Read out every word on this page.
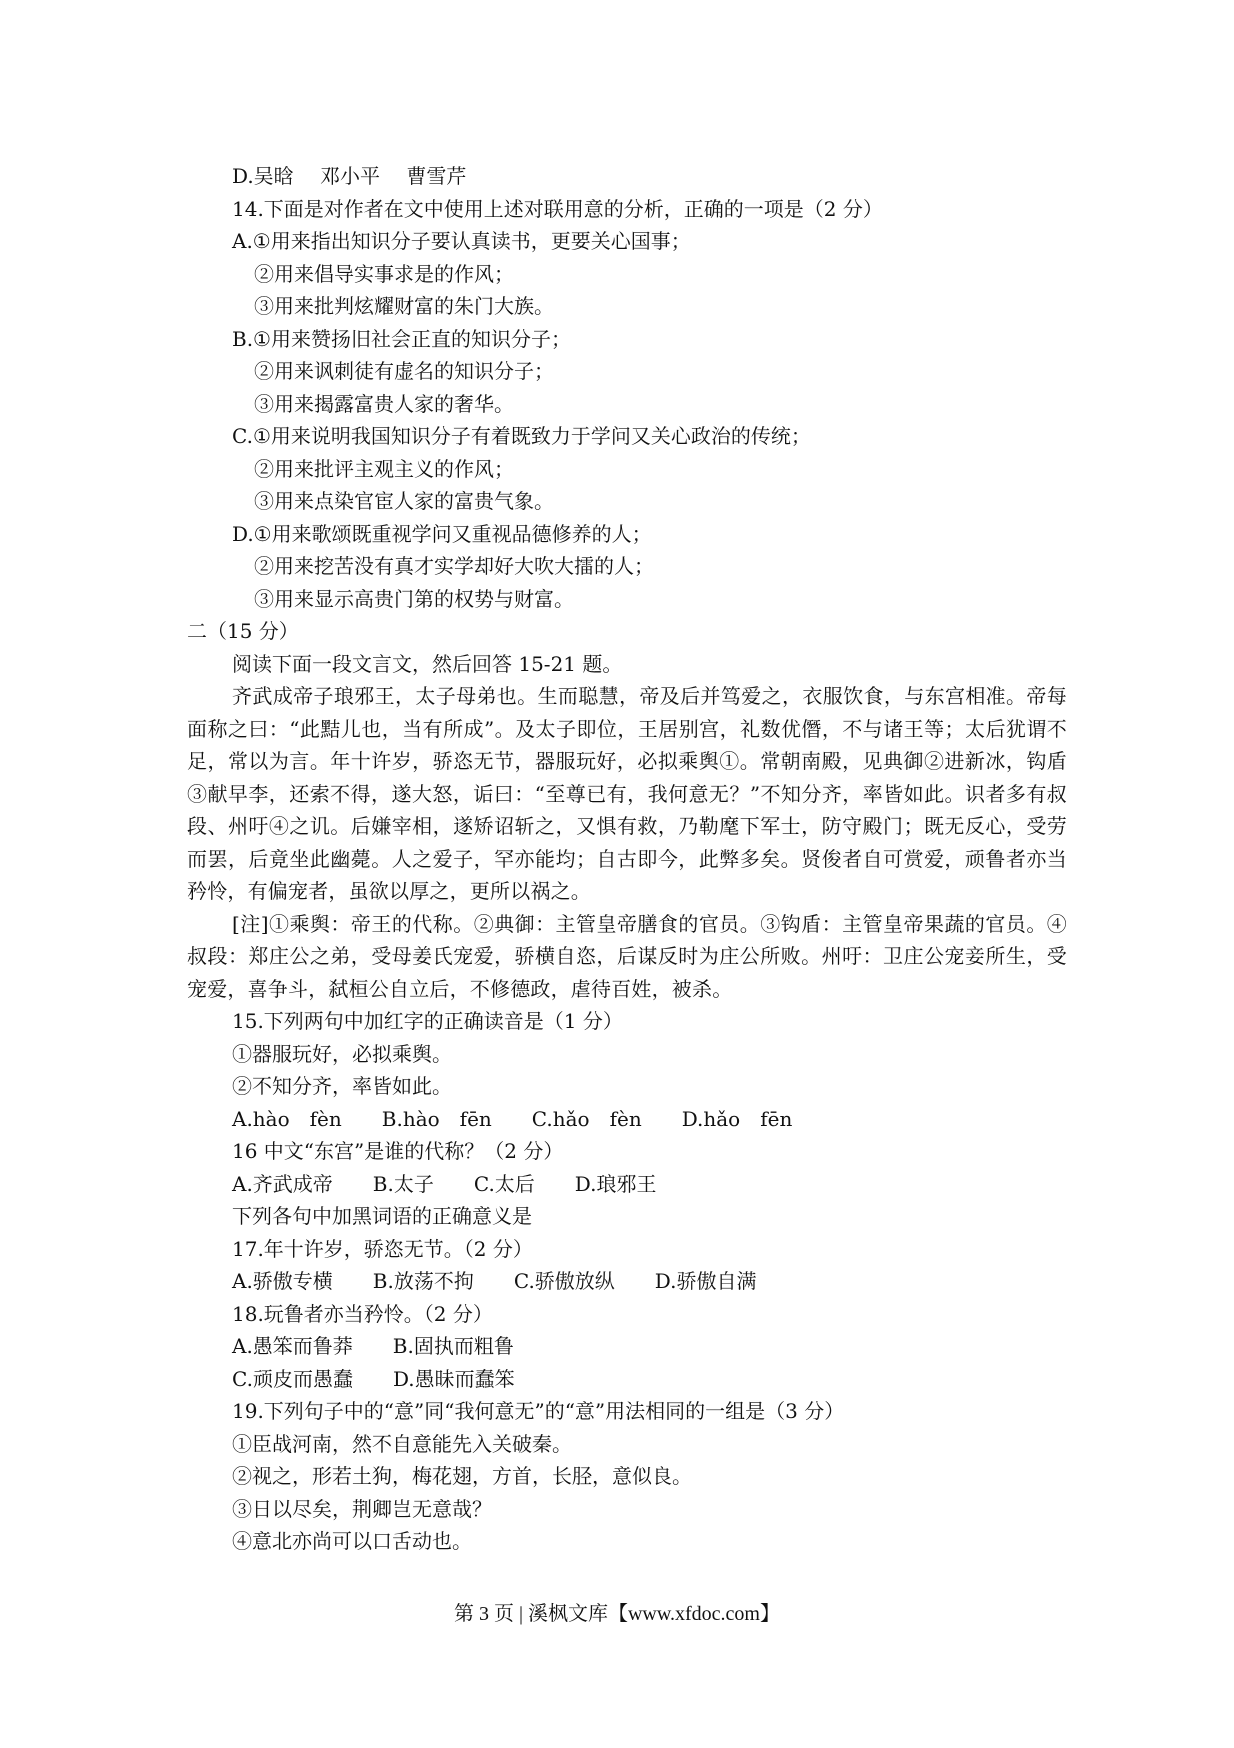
D.吴晗　 邓小平　 曹雪芹

14.下面是对作者在文中使用上述对联用意的分析，正确的一项是（2 分）

A.①用来指出知识分子要认真读书，更要关心国事；

②用来倡导实事求是的作风；

③用来批判炫耀财富的朱门大族。

B.①用来赞扬旧社会正直的知识分子；

②用来讽刺徒有虚名的知识分子；

③用来揭露富贵人家的奢华。

C.①用来说明我国知识分子有着既致力于学问又关心政治的传统；

②用来批评主观主义的作风；

③用来点染官宦人家的富贵气象。

D.①用来歌颂既重视学问又重视品德修养的人；

②用来挖苦没有真才实学却好大吹大擂的人；

③用来显示高贵门第的权势与财富。

二（15 分）

阅读下面一段文言文，然后回答 15-21 题。

齐武成帝子琅邪王，太子母弟也。生而聪慧，帝及后并笃爱之，衣服饮食，与东宫相准。帝每面称之曰：“此黠儿也，当有所成”。及太子即位，王居别宫，礼数优僭，不与诸王等；太后犹谓不足，常以为言。年十许岁，骄恣无节，器服玩好，必拟乘舆①。常朝南殿，见典御②进新冰，钩盾③献早李，还索不得，遂大怒，诟曰：“至尊已有，我何意无？”不知分齐，率皆如此。识者多有叔段、州吁④之讥。后嫌宰相，遂矫诏斩之，又惧有救，乃勒麾下军士，防守殿门；既无反心，受劳而罢，后竟坐此幽薨。人之爱子，罕亦能均；自古即今，此弊多矣。贤俊者自可赏爱，顽鲁者亦当矜怜，有偏宠者，虽欲以厚之，更所以祸之。

[注]①乘舆：帝王的代称。②典御：主管皇帝膳食的官员。③钩盾：主管皇帝果蔬的官员。④叔段：郑庄公之弟，受母姜氏宠爱，骄横自恣，后谋反时为庄公所败。州吁：卫庄公宠妾所生，受宠爱，喜争斗，弑桓公自立后，不修德政，虐待百姓，被杀。

15.下列两句中加红字的正确读音是（1 分）

①器服玩好，必拟乘舆。

②不知分齐，率皆如此。

A.hào　fèn　　B.hào　fēn　　C.hǎo　fèn　　D.hǎo　fēn

16 中文“东宫”是谁的代称？（2 分）

A.齐武成帝　　B.太子　　C.太后　　D.琅邪王

下列各句中加黑词语的正确意义是

17.年十许岁，骄恣无节。（2 分）

A.骄傲专横　　B.放荡不拘　　C.骄傲放纵　　D.骄傲自满

18.玩鲁者亦当矜怜。（2 分）

A.愚笨而鲁莽　　B.固执而粗鲁

C.顽皮而愚蠢　　D.愚昧而蠢笨

19.下列句子中的“意”同“我何意无”的“意”用法相同的一组是（3 分）

①臣战河南，然不自意能先入关破秦。

②视之，形若土狗，梅花翅，方首，长胫，意似良。

③日以尽矣，荆卿岂无意哉？

④意北亦尚可以口舌动也。

第 3 页 | 溪枫文库【www.xfdoc.com】
